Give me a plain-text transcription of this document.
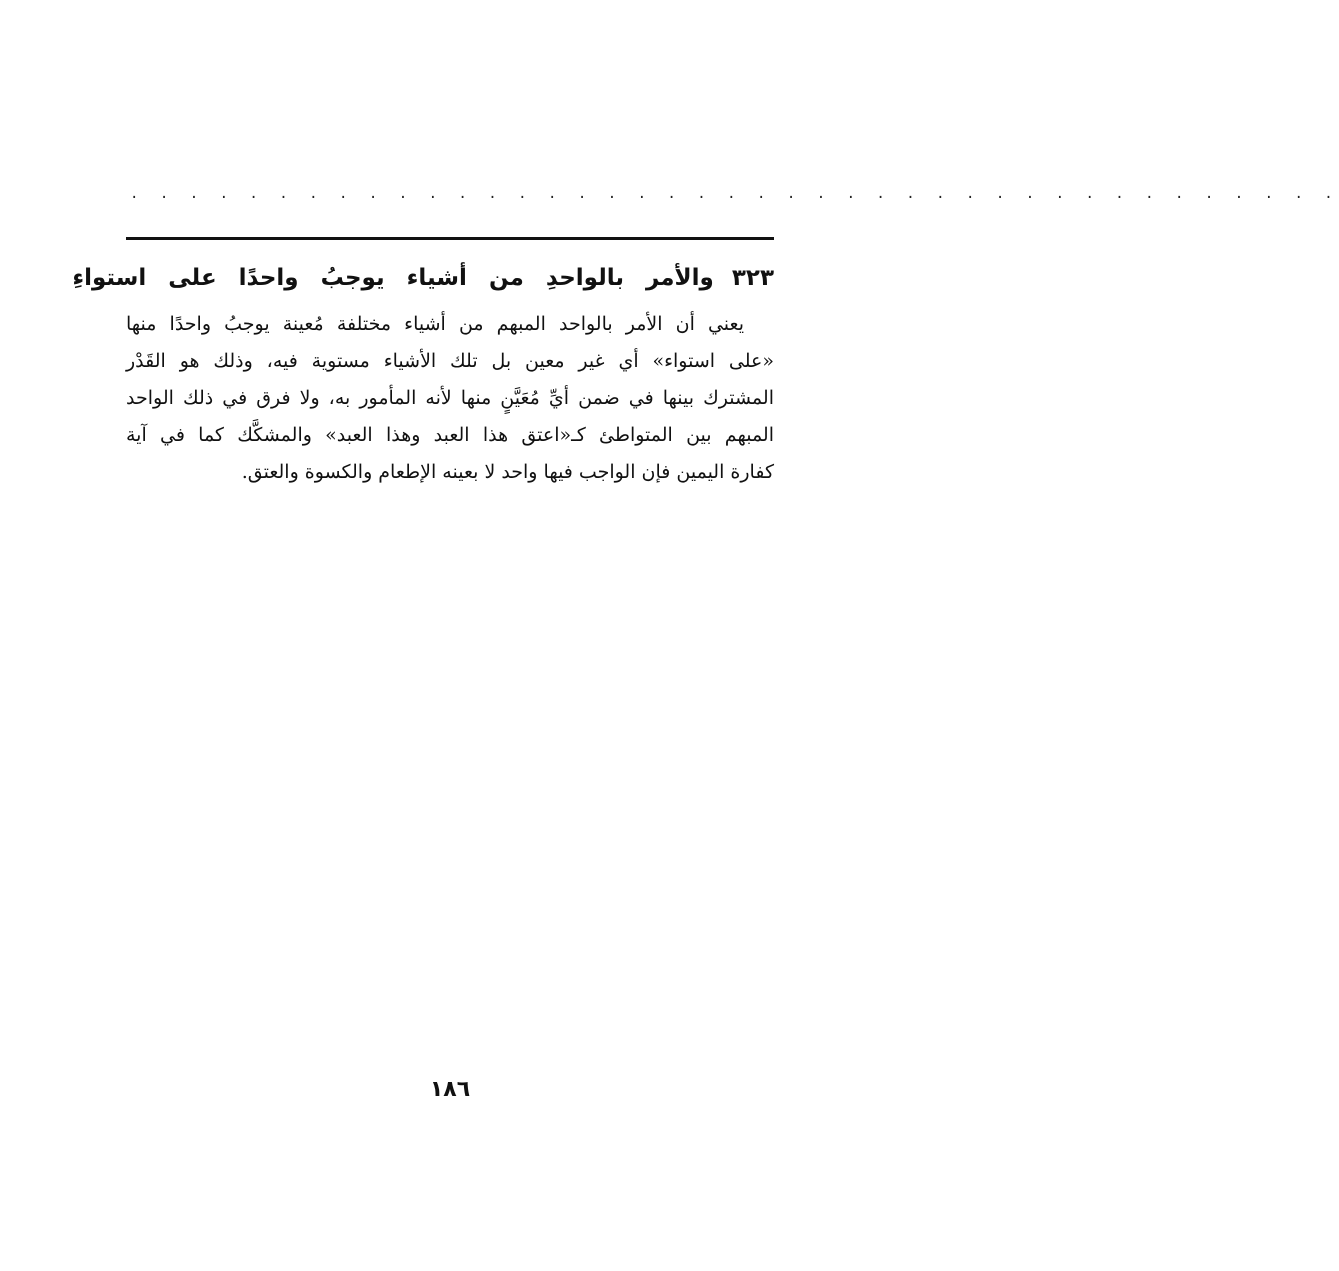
. . . . . . . . . . . . . . . . . . . . . . . . . . . . . . . . . . . . . . . . .
٣٢٣ والأمر بالواحدِ من أشياء يوجبُ واحدًا على استواءِ
يعني أن الأمر بالواحد المبهم من أشياء مختلفة مُعينة يوجبُ واحدًا منها
«على استواء» أي غير معين بل تلك الأشياء مستوية فيه، وذلك هو القَدْر
المشترك بينها في ضمن أيِّ مُعَيَّنٍ منها لأنه المأمور به، ولا فرق في ذلك الواحد
المبهم بين المتواطئ كـ«اعتق هذا العبد وهذا العبد» والمشكَّك كما في آية
كفارة اليمين فإن الواجب فيها واحد لا بعينه الإطعام والكسوة والعتق.
١٨٦
